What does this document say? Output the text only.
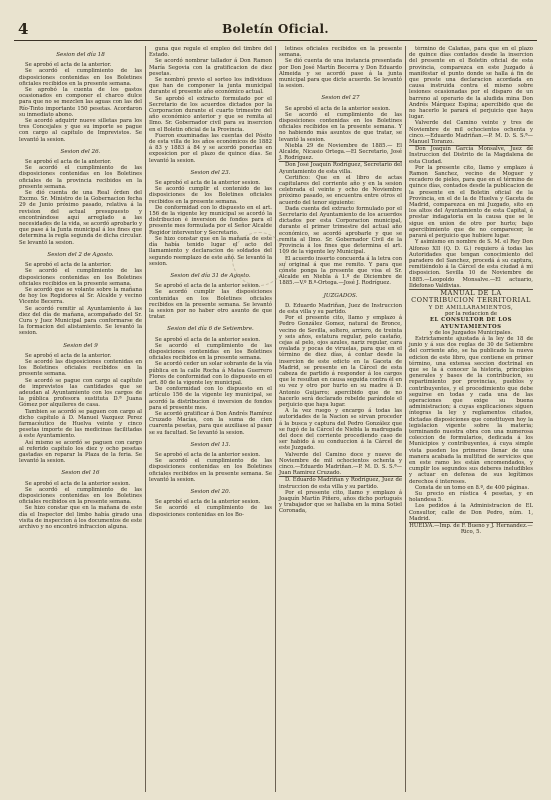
4	Boletín Oficial.
Sesion del día 18

Se aprobó el acta de la anterior.

Se acordó el cumplimiento de las disposiciones contenidas en los Boletines oficiales recibidos en la presente semana.

Se aprobó la cuenta de los gastos ocasionados en componer el charco dulce para que no se mezclen las aguas con las del Río-Tinto importante 150 pesetas. Acordaron su inmediato abono.

Se acordó adquirir nueve silletas para los tres Concejales y que su importe se pague con cargo al capítulo de Imprevistos. Se levantó la sesion.

Sesion del 26.

Se aprobó el acta de la anterior.

Se acordó el cumplimiento de las disposiciones contenidas en los Boletines oficiales de la provincia recibidos en la presente semana.

Se dió cuenta de una Real órden del Excmo. Sr. Ministro de la Gobernacion fecha 29 de Junio próximo pasado, relativa á la revision del actual presupuesto y encontrándose aquí arreglado a las necesidades de la vida, se acordó aprobarlo y que pase á la Junta municipal á los fines que determina la regla segunda de dicha circular. Se levantó la sesion.

Sesion del 2 de Agosto.

Se aprobó el acta de la anterior.

Se acordó el cumplimiento de las disposiciones contenidas en los Boletines oficiales recibidos en la presente semana.

Se acordó que se volante sobre la mañana de hoy los Regidores al Sr. Alcalde y vecino Vicente Becerra.

Se acordó remitir al Ayuntamiento á las diez del día de mañana, acompañado del Sr. Cura y Juez Municipal para conformarse de la formacion del alistamiento. Se levantó la sesion.

Sesion del 9

Se aprobó el acta de la anterior.

Se acordó las disposiciones contenidas en los Boletines oficiales recibidos en la presente semana.

Se acordó se pague con cargo al capítulo de imprevistos las cantidades que se adeudan al Ayuntamiento con los cargos de la pública profesora sustituta D.ª Juana Gómez por alquileres de casa.

Tambien se acordó se paguen con cargo al dicho capítulo á D. Manuel Vazquez Perez farmacéutico de Huelva veinte y cinco pesetas importe de las medicinas facilitadas á este Ayuntamiento.

Así mismo se acordó se paguen con cargo al referido capítulo los diez y ocho pesetas gastadas en reparar la Plaza de la feria. Se levantó la sesion.

Sesion del 16

Se aprobó el acta de la anterior sesion.

Se acordó el cumplimiento de las disposiciones contenidas en los Boletines oficiales recibidos en la presente semana.

Se hizo constar que en la mañana de este día el Inspector del limbo había girado una visita de inspeccion á los documentos de este archivo y no encontró infraccion alguna.

guna que regule el empleo del timbre del Estado.

Se acordó nombrar tallador á Don Ramon María Segovia con la gratificacion de diez pesetas.

Se nombró previo el sorteo los individuos que han de componer la junta municipal durante el presente año económico actual.

Se aprobó el extracto formulado por el Secretario de los acuerdos dictados por la Corporacion durante el cuarto trimestre del año económico anterior y que se remita al Ilmo. Sr. Gobernador civil para su insercion en el Boletin oficial de la Provincia.

Fueron examinadas las cuentas del Pósito de esta villa de los años económicos de 1882 á 83 y 1883 á 84 y se acordó ponerlas en exposicion por el plazo de quince días. Se levantó la sesion.

Sesion del 23.

Se aprobó el acta de la anterior sesion.

Se acordó cumplir el contenido de las disposiciones de los Boletines oficiales recibidos en la presente semana.

De conformidad con lo dispuesto en el art. 156 de la vigente ley municipal se acordó la distribucion é inversion de fondos para el presente mes formulada por el Señor Alcalde Regidor interventor y Secretario.

Se hizo constar que en la mañana de este día había tenido lugar el acto del llamamiento y declaracion de soldados del segundo reemplazo de este año. Se levantó la sesion.

Sesion del día 31 de Agosto.

Se aprobó el acta de la anterior sesion.

Se acordó cumplir las disposiciones contenidas en los Boletines oficiales recibidos en la presente semana. Se levantó la sesion por no haber otro asunto de que tratar.

Sesion del día 6 de Setiembre.

Se aprobó el acta de la anterior sesion.

Se acordó el cumplimiento de las disposiciones contenidas en los Boletines oficiales recibidos en la presente semana.

Se acordó ceder un solar sobrante de la vía pública en la calle Rocha á Matea Guerrero Flores de conformidad con lo dispuesto en el art. 80 de la vigente ley municipal.

De conformidad con lo dispuesto en el artículo 156 de la vigente ley municipal, se acordó la distribucion é inversion de fondos para el presente mes.

Se acordó gratificar á Don Andrés Ramírez Cruzado Macías, con la suma de cien cuarenta pesetas, para que auxiliase al pasar se su facultad. Se levantó la sesion.

Sesion del 13.

Se aprobó el acta de la anterior sesion.

Se acordó el cumplimiento de las disposiciones contenidas en los Boletines oficiales recibidos en la presente semana. Se levantó la sesion.

Sesion del 20.

Se aprobó el acta de la anterior sesion.

Se acordó el cumplimiento de las disposiciones contenidas en los Bo-

letines oficiales recibidos en la presente semana.

Se dió cuenta de una instancia presentada por Don José Martín Becerra y Don Eduardo Almeida y se acordó pase á la junta municipal para que dicte acuerdo. Se levantó la sesion.

Sesion del 27

Se aprobó el acta de la anterior sesion.

Se acordó el cumplimiento de las disposiciones contenidas en los Boletines oficiales recibidos en la presente semana. Y no habiendo más asuntos de que tratar, se levantó la sesion.

Niebla 29 de Noviembre de 1885.— El Alcalde, Nicasio Ortega.—El Secretario, José J. Rodríguez.

Don José Joaquín Rodríguez, Secretario del Ayuntamiento de esta villa.

Certifico: Que en el libro de actas capitulares del corriente año y en la sesion celebrada el veinte y ocho de Noviembre próximo pasado, se encuentra entre otros el acuerdo del tenor siguiente:

Dada cuenta del extracto formulado por el Secretario del Ayuntamiento de los acuerdos dictados por esta Corporacion municipal, durante el primer trimestre del actual año económico, se acordó aprobarle y que se remita al Ilmo. Sr. Gobernador Civil de la Provincia á los fines que determina el art. 109 de la vigente ley Municipal.

El acuerdo inserto concuerda á la letra con su original á que me remito. Y para que conste ponga la presente que visa el Sr. Alcalde en Niebla á 1.º de Diciembre de 1885.—V.º B.º-Ortega.—José J. Rodríguez.

JUZGADOS.

D. Eduardo Madriñan, Juez de Instruccion de esta villa y su partido.

Por el presente cito, llamo y emplazo á Pedro González Gomez, natural de Bronce, vecino de Sevilla, soltero, arriero, de treinta y seis años, estatura regular, pelo castaño, cejas al pelo, ojos azules, nariz regular, cara ovalada y pocas de viruelas, para que en el término de diez días, á contar desde la insercion de este edicto en la Gaceta de Madrid, se presente en la Cárcel de esta cabeza de partido á responder á los cargos que le resultan en causa seguida contra él en su vez y otro por hurto en su madre á D. Antonio Guijarro; apercibido que de no hacerlo será declarado rebelde parándole el perjuicio que haya lugar.

A la vez ruego y encargo á todas las autoridades de la Nacion se sirvan proceder á la busca y captura del Pedro González que se fugó de la Cárcel de Niebla la madrugada del doce del corriente procediendo caso de ser habido á su conduccion á la Cárcel de este Juzgado.

Valverde del Camino doce y nueve de Noviembre de mil ochocientos ochenta y cinco.—Eduardo Madriñan.—P. M. D. S. S.ª—Juan Ramirez Cruzado.

D. Eduardo Madriñan y Rodríguez, Juez de instruccion de esta villa y su partido.

Por el presente cito, llamo y emplazo á Joaquín Martín Piñero, años dicho portugués y trabajador que se hallaba en la mina Sotiel Coronada,

término de Calañas, para que en el plazo de quince días contados desde la insercion del presente en el Boletin oficial de esta provincia, comparezca en este Juzgado á manifestar el punto donde se halla á fin de que preste una declaracion acordada en causa instruida contra el mismo sobre lesiones ocasionadas por el disparo de un barreno al operario de la aludida mina Don Andrés Márquez Espina; apercibido que de no hacerlo le parará el perjuicio que haya lugar.

Valverde del Camino veinte y tres de Noviembre de mil ochocientos ochenta y cinco.—Eduardo Madriñan.—P. M. D. S. S.ª—Manuel Toranzo.

Don Joaquín García Monsalve, Juez de Instruccion del Distrito de la Magdalena de esta Ciudad.

Por la presente cito, llamo y emplazo á Ramon Sanchez, vecino de Moguer y recadero de pieles, para que en el término de quince días, contados desde la publicacion de la presente en el Boletin oficial de la Provincia, en el de la de Huelva y Gaceta de Madrid, comparezca en mi Juzgado, sito en los altos del Ayuntamiento de esta Capital, á prestar indagatoria en la causa que se le sigue en union de otro por hurto; bajo apercibimiento que de no comparecer, le parará el perjuicio que hubiere lugar.

Y asimismo en nombre de S. M. el Rey Don Alfonso XII (Q. D. G.) requiero á todas las Autoridades que tengan conocimiento del paradero del Sanchez, procedá á su captura, remitiéndolo á la Cárcel de esta ciudad á mi disposicion. Sevilla 10 de Noviembre de 1885.—Leopoldo Monsalve.—El actuario, Ildefonso Valdivias.

MANUAL DE LA
CONTRIBUCION TERRITORIAL
Y DE AMILLARAMIENTOS,
por la redaccion de
EL CONSULTOR DE LOS AYUNTAMIENTOS
y de los Juzgados Municipales.

Estrictamente ajustada á la ley de 18 de junio y á sus dos reglas de 30 de Setiembre del corriente año, se ha publicado la nueva edicion de este libro, que contiene en primer término, una extensa seccion doctrinal en que se la á conocer la historia, principios generales y bases de la contribucion, su repartimiento por provincias, pueblos y contribuyentes, y el procedimiento que debe seguirse en todas y cada una de las operaciones que exige su buena administracion; á cuyas explicaciones siguen íntegras la ley y reglamentos citados, dictadas disposiciones que constituyen hoy la legislacion vigente sobre la materia; terminando nuestra obra con una numerosa coleccion de formularios, dedicada á los Municipios y contribuyentes, á cuya simple vista pueden los primeros llenar de una manera acabada la multitud de servicios que en este ramo les están encomendados, y cumplir los segundos sus deberes ineludibles y actuar en defensa de sus legítimos derechos é intereses.

Consta de un tomo en 8.º, de 400 páginas.

Su precio en rústica 4 pesetas, y en holandesa 5.

Los pedidos á la Administracion de EL Consultor, calle de Don Pedro, núm. 1, Madrid.

HUELVA.—Imp. de F. Bueno y J. Hernandez.—Rico, 5.
